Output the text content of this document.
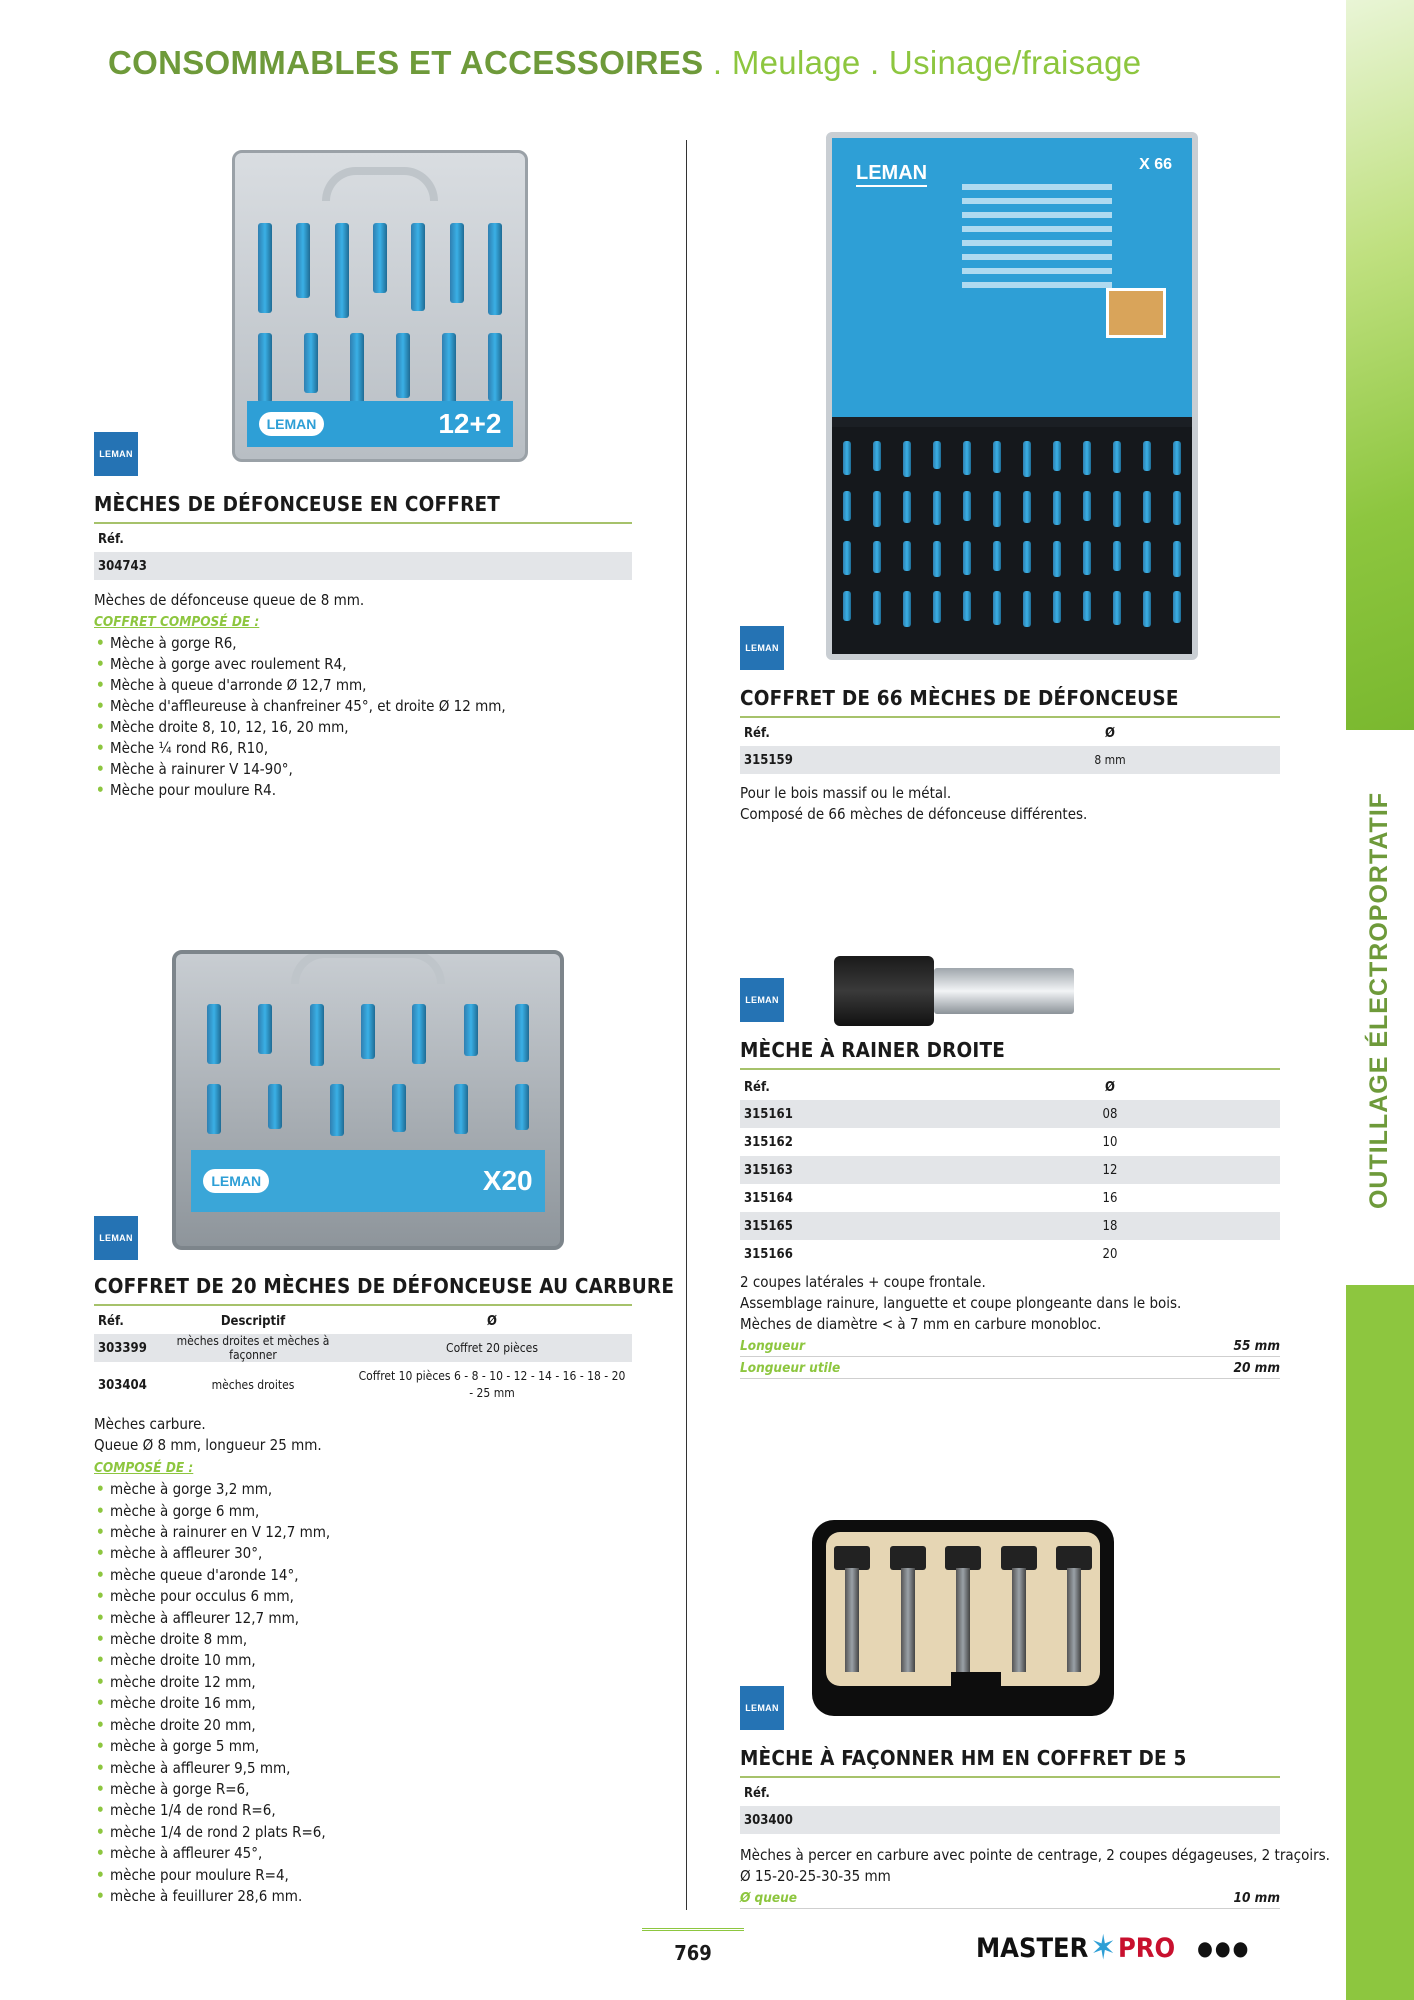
CONSOMMABLES ET ACCESSOIRES . Meulage . Usinage/fraisage
OUTILLAGE ÉLECTROPORTATIF
LEMAN	12+2
LEMAN
MÈCHES DE DÉFONCEUSE EN COFFRET
Réf.
304743
Mèches de défonceuse queue de 8 mm.
COFFRET COMPOSÉ DE :
• Mèche à gorge R6,
• Mèche à gorge avec roulement R4,
• Mèche à queue d'arronde Ø 12,7 mm,
• Mèche d'affleureuse à chanfreiner 45°, et droite Ø 12 mm,
• Mèche droite 8, 10, 12, 16, 20 mm,
• Mèche ¼ rond R6, R10,
• Mèche à rainurer V 14-90°,
• Mèche pour moulure R4.
LEMAN	X20
LEMAN
COFFRET DE 20 MÈCHES DE DÉFONCEUSE AU CARBURE
Réf.	Descriptif	Ø
303399	mèches droites et mèches à façonner	Coffret 20 pièces
303404	mèches droites	Coffret 10 pièces 6 - 8 - 10 - 12 - 14 - 16 - 18 - 20 - 25 mm
Mèches carbure.
Queue Ø 8 mm, longueur 25 mm.
COMPOSÉ DE :
• mèche à gorge 3,2 mm,
• mèche à gorge 6 mm,
• mèche à rainurer en V 12,7 mm,
• mèche à affleurer 30°,
• mèche queue d'aronde 14°,
• mèche pour occulus 6 mm,
• mèche à affleurer 12,7 mm,
• mèche droite 8 mm,
• mèche droite 10 mm,
• mèche droite 12 mm,
• mèche droite 16 mm,
• mèche droite 20 mm,
• mèche à gorge 5 mm,
• mèche à affleurer 9,5 mm,
• mèche à gorge R=6,
• mèche 1/4 de rond R=6,
• mèche 1/4 de rond 2 plats R=6,
• mèche à affleurer 45°,
• mèche pour moulure R=4,
• mèche à feuillurer 28,6 mm.
LEMAN	X 66
LEMAN
COFFRET DE 66 MÈCHES DE DÉFONCEUSE
Réf.	Ø
315159	8 mm
Pour le bois massif ou le métal.
Composé de 66 mèches de défonceuse différentes.
LEMAN
MÈCHE À RAINER DROITE
Réf.	Ø
315161	08
315162	10
315163	12
315164	16
315165	18
315166	20
2 coupes latérales + coupe frontale.
Assemblage rainure, languette et coupe plongeante dans le bois.
Mèches de diamètre < à 7 mm en carbure monobloc.
Longueur	55 mm
Longueur utile	20 mm
LEMAN
MÈCHE À FAÇONNER HM EN COFFRET DE 5
Réf.
303400
Mèches à percer en carbure avec pointe de centrage, 2 coupes dégageuses, 2 traçoirs.
Ø 15-20-25-30-35 mm
Ø queue	10 mm
769	MASTER ✶ PRO ●●●
